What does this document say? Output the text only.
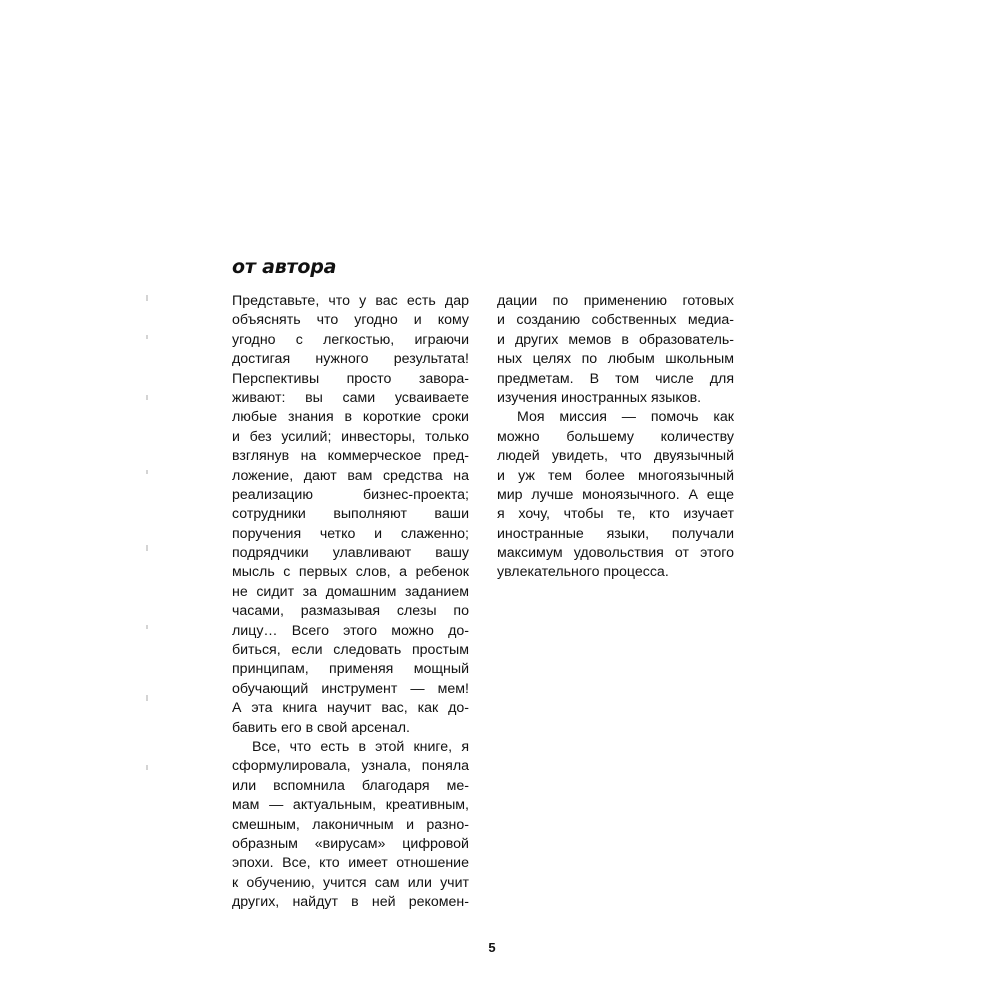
от автора
Представьте, что у вас есть дар
объяснять что угодно и кому
угодно с легкостью, играючи
достигая нужного результата!
Перспективы просто завора-
живают: вы сами усваиваете
любые знания в короткие сроки
и без усилий; инвесторы, только
взглянув на коммерческое пред-
ложение, дают вам средства на
реализацию бизнес-проекта;
сотрудники выполняют ваши
поручения четко и слаженно;
подрядчики улавливают вашу
мысль с первых слов, а ребенок
не сидит за домашним заданием
часами, размазывая слезы по
лицу… Всего этого можно до-
биться, если следовать простым
принципам, применяя мощный
обучающий инструмент — мем!
А эта книга научит вас, как до-
бавить его в свой арсенал.
Все, что есть в этой книге, я
сформулировала, узнала, поняла
или вспомнила благодаря ме-
мам — актуальным, креативным,
смешным, лаконичным и разно-
образным «вирусам» цифровой
эпохи. Все, кто имеет отношение
к обучению, учится сам или учит
других, найдут в ней рекомен-
дации по применению готовых
и созданию собственных медиа-
и других мемов в образователь-
ных целях по любым школьным
предметам. В том числе для
изучения иностранных языков.
Моя миссия — помочь как
можно большему количеству
людей увидеть, что двуязычный
и уж тем более многоязычный
мир лучше моноязычного. А еще
я хочу, чтобы те, кто изучает
иностранные языки, получали
максимум удовольствия от этого
увлекательного процесса.
5
